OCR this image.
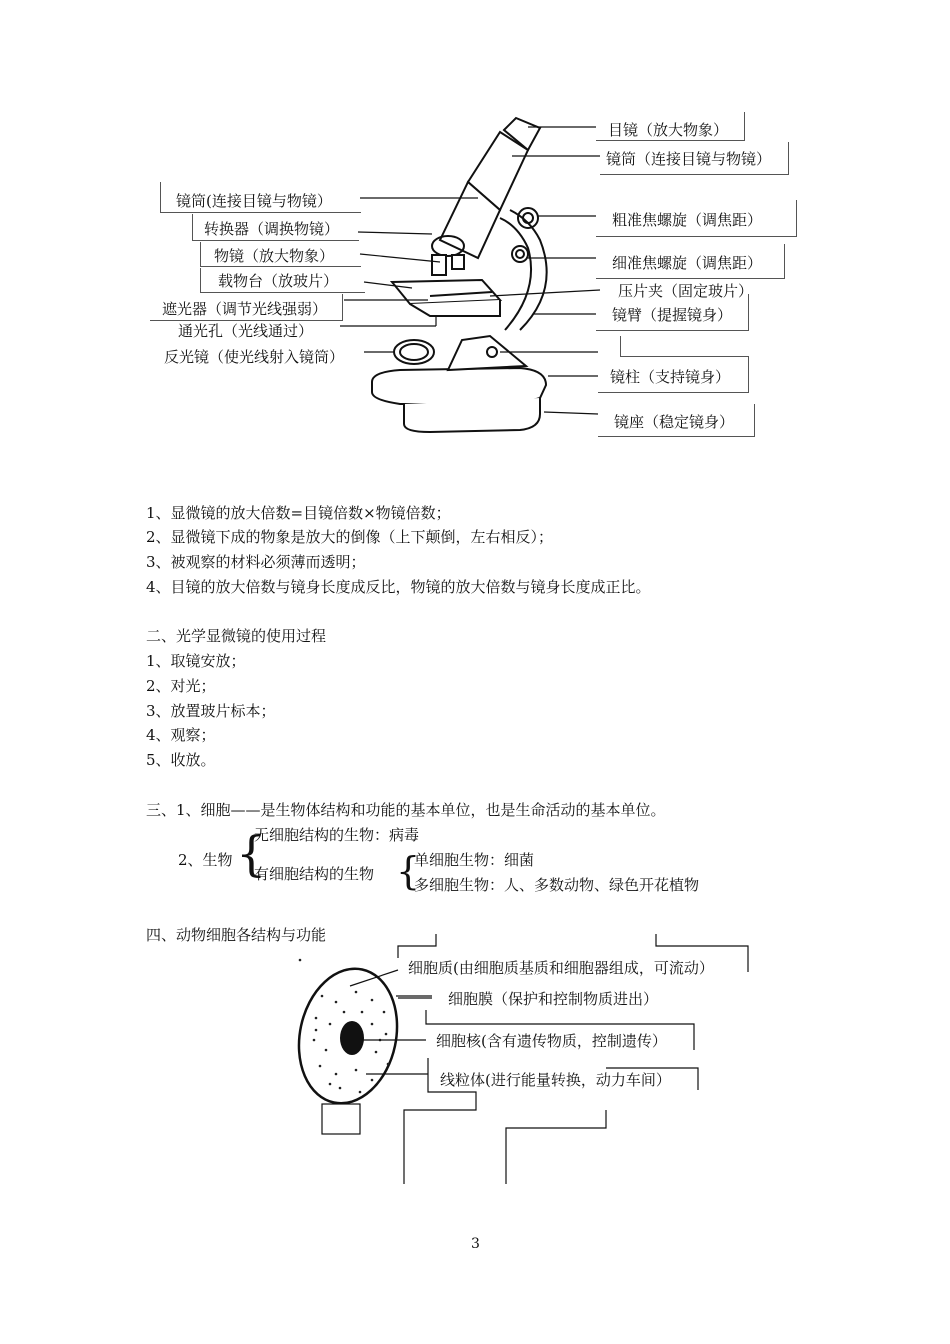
目镜（放大物象）
镜筒（连接目镜与物镜）
粗准焦螺旋（调焦距）
细准焦螺旋（调焦距）
压片夹（固定玻片）
镜臂（提握镜身）
镜柱（支持镜身）
镜座（稳定镜身）
镜筒(连接目镜与物镜）
转换器（调换物镜）
物镜（放大物象）
载物台（放玻片）
遮光器（调节光线强弱）
通光孔（光线通过）
反光镜（使光线射入镜筒）
1、显微镜的放大倍数=目镜倍数×物镜倍数；
2、显微镜下成的物象是放大的倒像（上下颠倒，左右相反）；
3、被观察的材料必须薄而透明；
4、目镜的放大倍数与镜身长度成反比，物镜的放大倍数与镜身长度成正比。
二、光学显微镜的使用过程
1、取镜安放；
2、对光；
3、放置玻片标本；
4、观察；
5、收放。
三、1、细胞——是生物体结构和功能的基本单位，也是生命活动的基本单位。
2、生物 {
无细胞结构的生物：病毒
有细胞结构的生物 {
单细胞生物：细菌
多细胞生物：人、多数动物、绿色开花植物
四、动物细胞各结构与功能
细胞质(由细胞质基质和细胞器组成，可流动）
细胞膜（保护和控制物质进出）
细胞核(含有遗传物质，控制遗传）
线粒体(进行能量转换，动力车间）
3
